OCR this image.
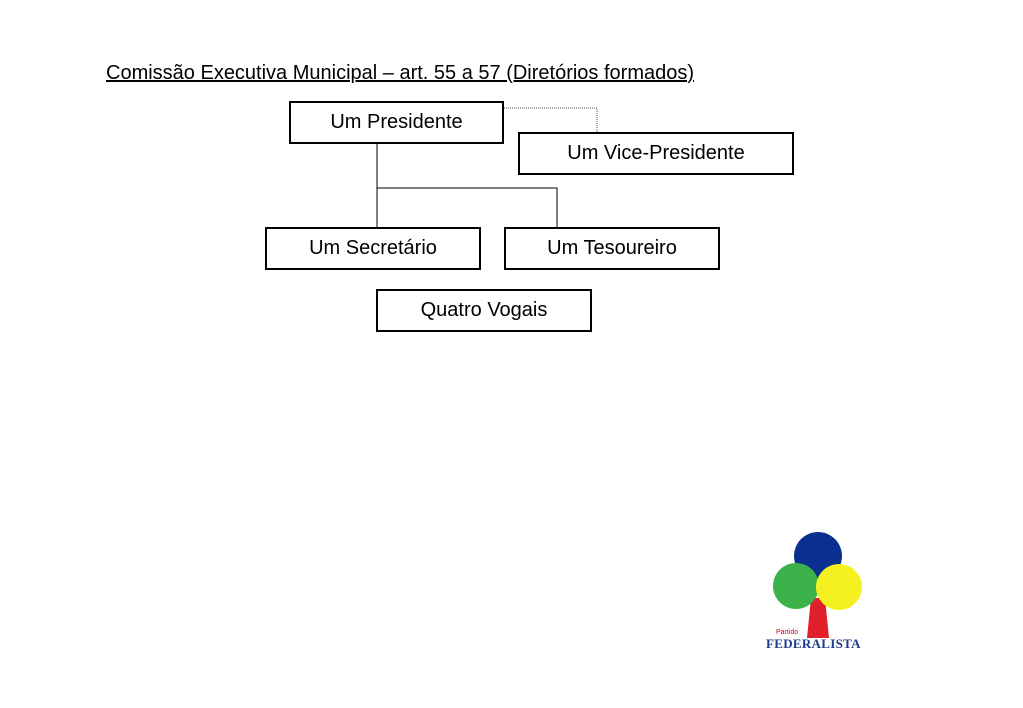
Comissão Executiva Municipal – art. 55 a 57 (Diretórios formados)
Um Presidente
Um Vice-Presidente
Um Secretário	Um Tesoureiro
Quatro Vogais
Partido
FEDERALISTA
